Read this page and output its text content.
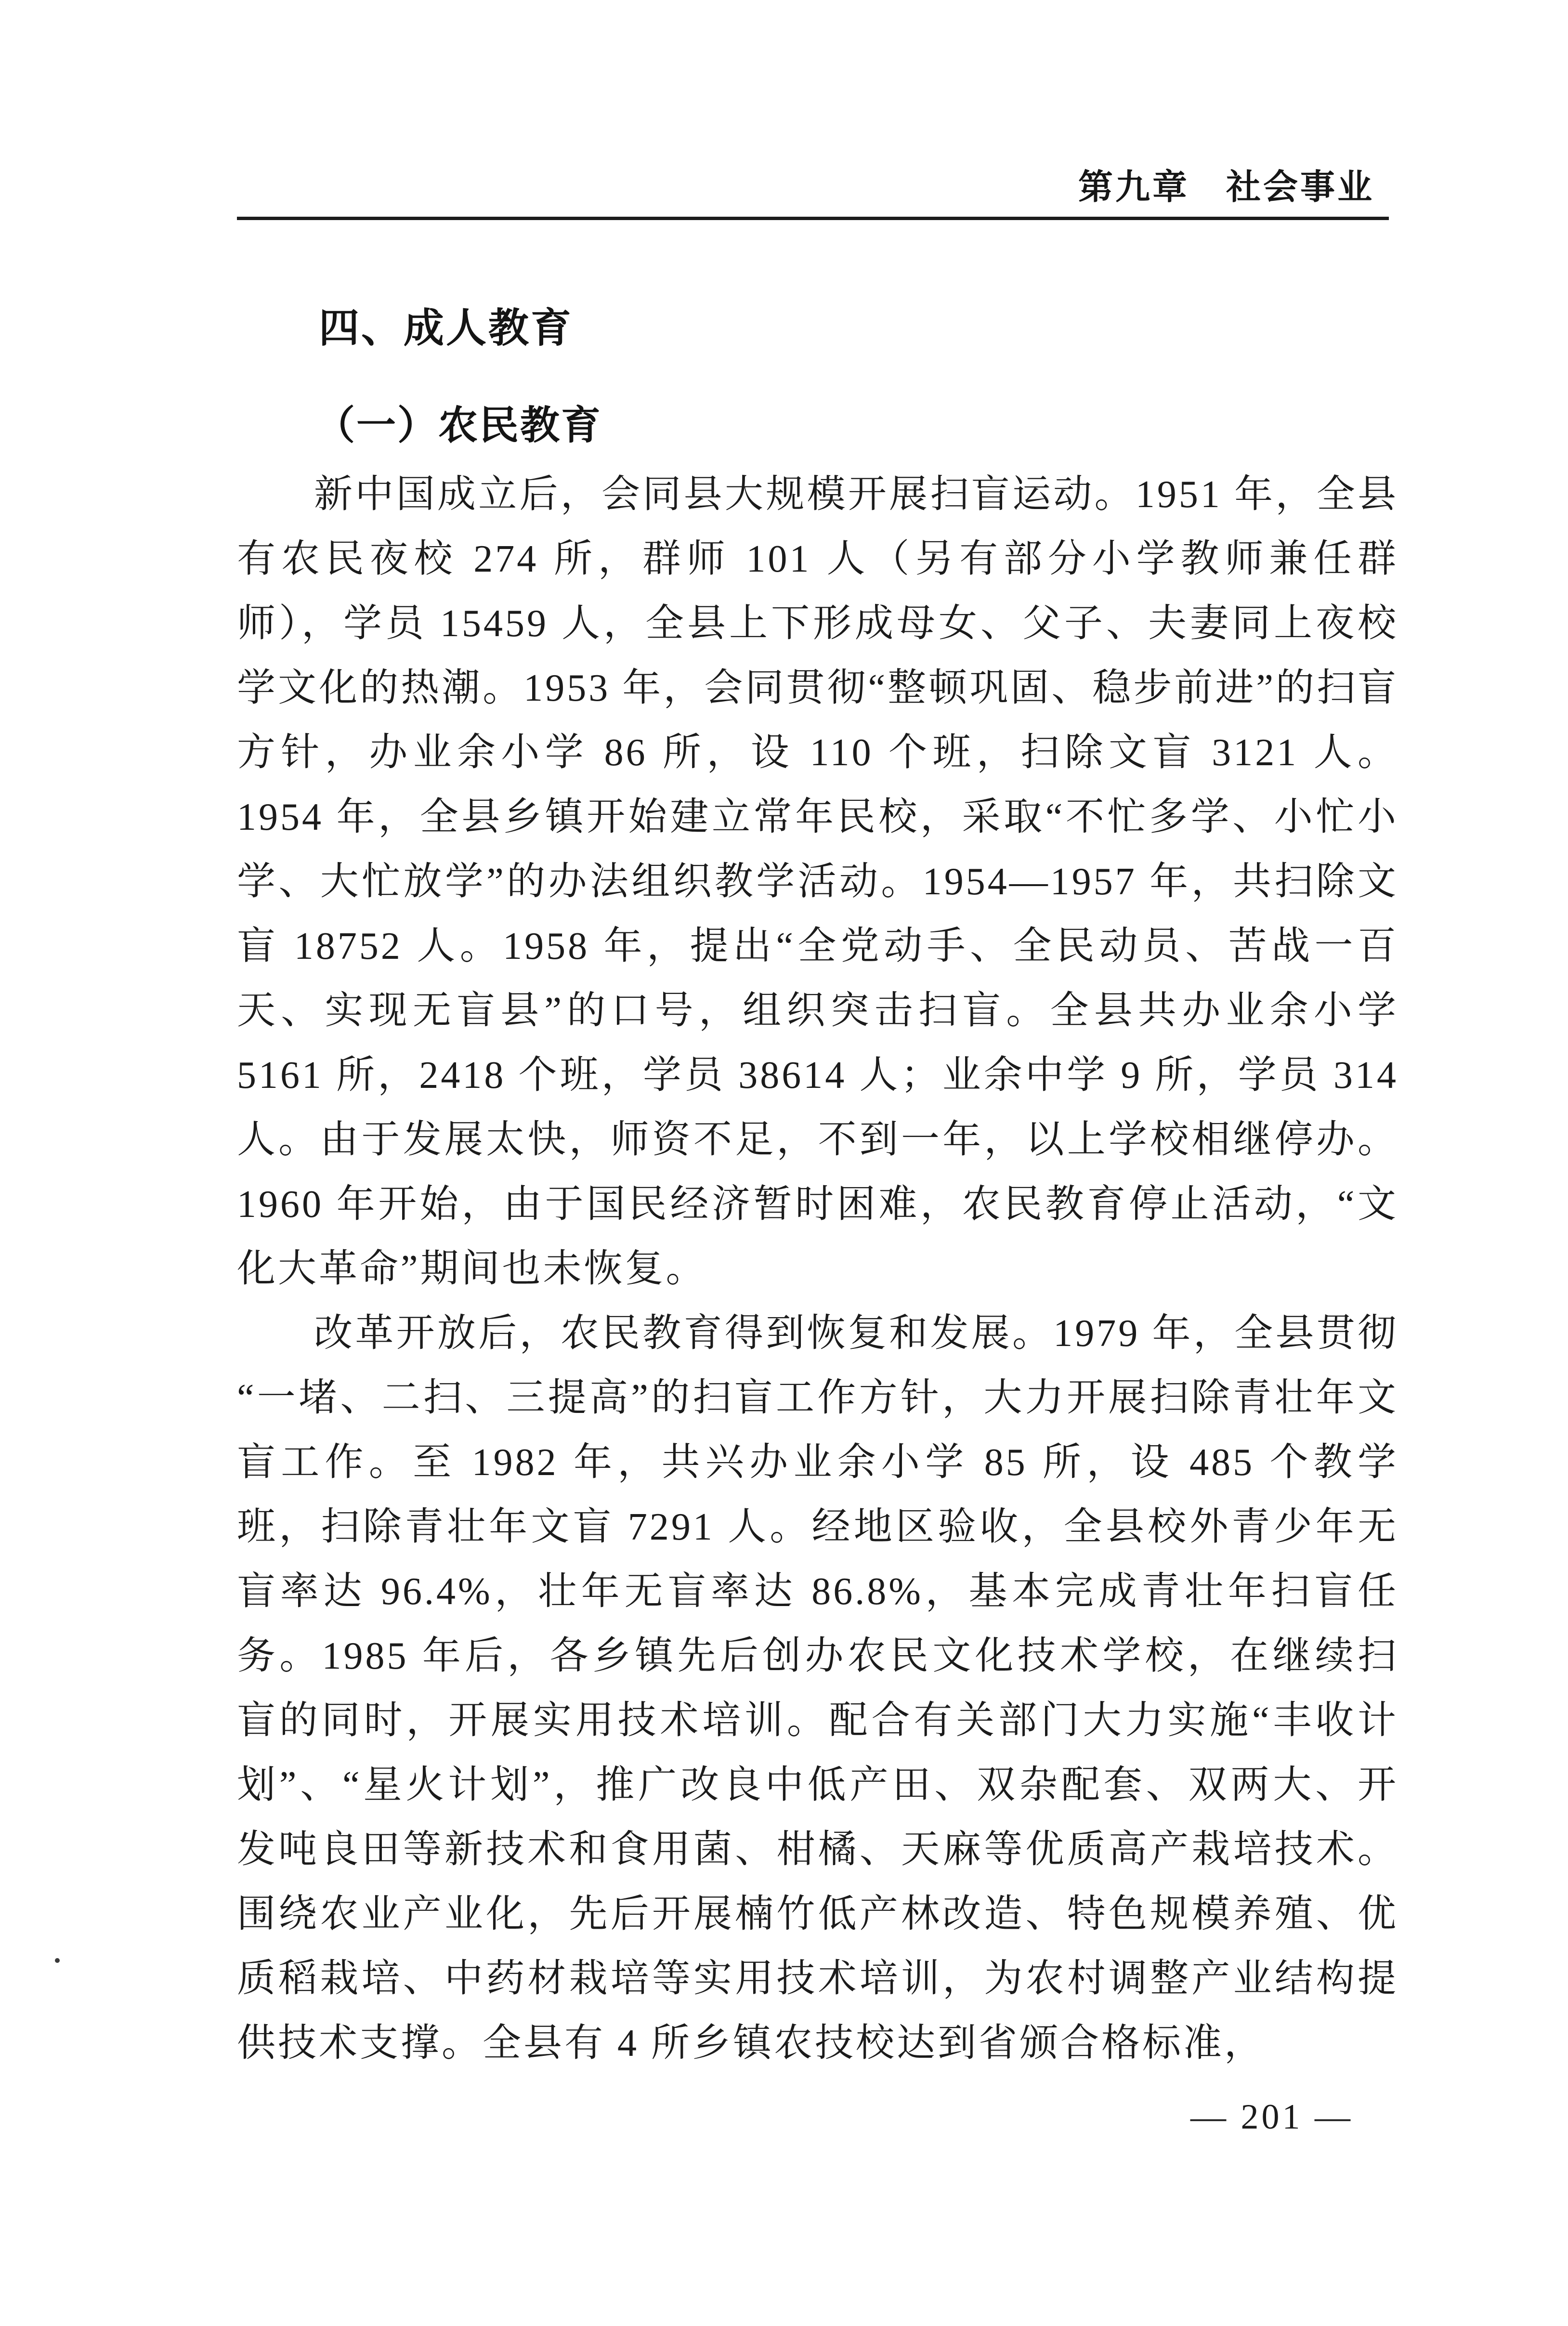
第九章 社会事业
四、成人教育
（一）农民教育

新中国成立后，会同县大规模开展扫盲运动。1951 年，全县有农民夜校 274 所，群师 101 人（另有部分小学教师兼任群师），学员 15459 人，全县上下形成母女、父子、夫妻同上夜校学文化的热潮。1953 年，会同贯彻“整顿巩固、稳步前进”的扫盲方针，办业余小学 86 所，设 110 个班，扫除文盲 3121 人。1954 年，全县乡镇开始建立常年民校，采取“不忙多学、小忙小学、大忙放学”的办法组织教学活动。1954—1957 年，共扫除文盲 18752 人。1958 年，提出“全党动手、全民动员、苦战一百天、实现无盲县”的口号，组织突击扫盲。全县共办业余小学 5161 所，2418 个班，学员 38614 人；业余中学 9 所，学员 314 人。由于发展太快，师资不足，不到一年，以上学校相继停办。1960 年开始，由于国民经济暂时困难，农民教育停止活动，“文化大革命”期间也未恢复。

改革开放后，农民教育得到恢复和发展。1979 年，全县贯彻“一堵、二扫、三提高”的扫盲工作方针，大力开展扫除青壮年文盲工作。至 1982 年，共兴办业余小学 85 所，设 485 个教学班，扫除青壮年文盲 7291 人。经地区验收，全县校外青少年无盲率达 96.4%，壮年无盲率达 86.8%，基本完成青壮年扫盲任务。1985 年后，各乡镇先后创办农民文化技术学校，在继续扫盲的同时，开展实用技术培训。配合有关部门大力实施“丰收计划”、“星火计划”，推广改良中低产田、双杂配套、双两大、开发吨良田等新技术和食用菌、柑橘、天麻等优质高产栽培技术。围绕农业产业化，先后开展楠竹低产林改造、特色规模养殖、优质稻栽培、中药材栽培等实用技术培训，为农村调整产业结构提供技术支撑。全县有 4 所乡镇农技校达到省颁合格标准，

— 201 —
